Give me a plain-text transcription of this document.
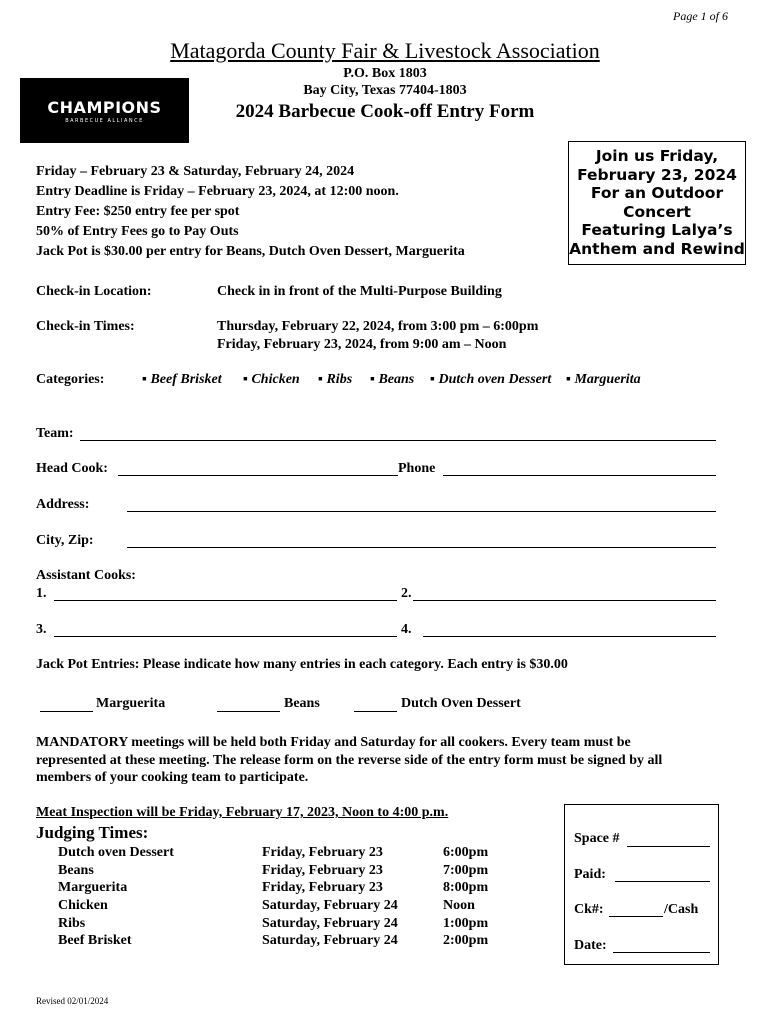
Page 1 of 6
Matagorda County Fair & Livestock Association
P.O. Box 1803
Bay City, Texas 77404-1803
CHAMPIONS
BARBECUE ALLIANCE	2024 Barbecue Cook-off Entry Form
Friday – February 23 & Saturday, February 24, 2024
Entry Deadline is Friday – February 23, 2024, at 12:00 noon.
Entry Fee: $250 entry fee per spot
50% of Entry Fees go to Pay Outs
Jack Pot is $30.00 per entry for Beans, Dutch Oven Dessert, Marguerita
Join us Friday,
February 23, 2024
For an Outdoor
Concert
Featuring Lalya’s
Anthem and Rewind
Check-in Location:	Check in in front of the Multi-Purpose Building
Check-in Times:	Thursday, February 22, 2024, from 3:00 pm – 6:00pm
Friday, February 23, 2024, from 9:00 am – Noon
Categories:	▪ Beef Brisket ▪ Chicken ▪ Ribs ▪ Beans ▪ Dutch oven Dessert ▪ Marguerita
Team:
Head Cook:	Phone
Address:
City, Zip:
Assistant Cooks:
1.	2.
3.	4.
Jack Pot Entries: Please indicate how many entries in each category. Each entry is $30.00
Marguerita	Beans	Dutch Oven Dessert
MANDATORY meetings will be held both Friday and Saturday for all cookers. Every team must be
represented at these meeting. The release form on the reverse side of the entry form must be signed by all
members of your cooking team to participate.
Meat Inspection will be Friday, February 17, 2023, Noon to 4:00 p.m.
Judging Times:
Dutch oven Dessert	Friday, February 23	6:00pm
Beans	Friday, February 23	7:00pm
Marguerita	Friday, February 23	8:00pm
Chicken	Saturday, February 24	Noon
Ribs	Saturday, February 24	1:00pm
Beef Brisket	Saturday, February 24	2:00pm
Space #
Paid:
Ck#:	/Cash
Date:
Revised 02/01/2024
